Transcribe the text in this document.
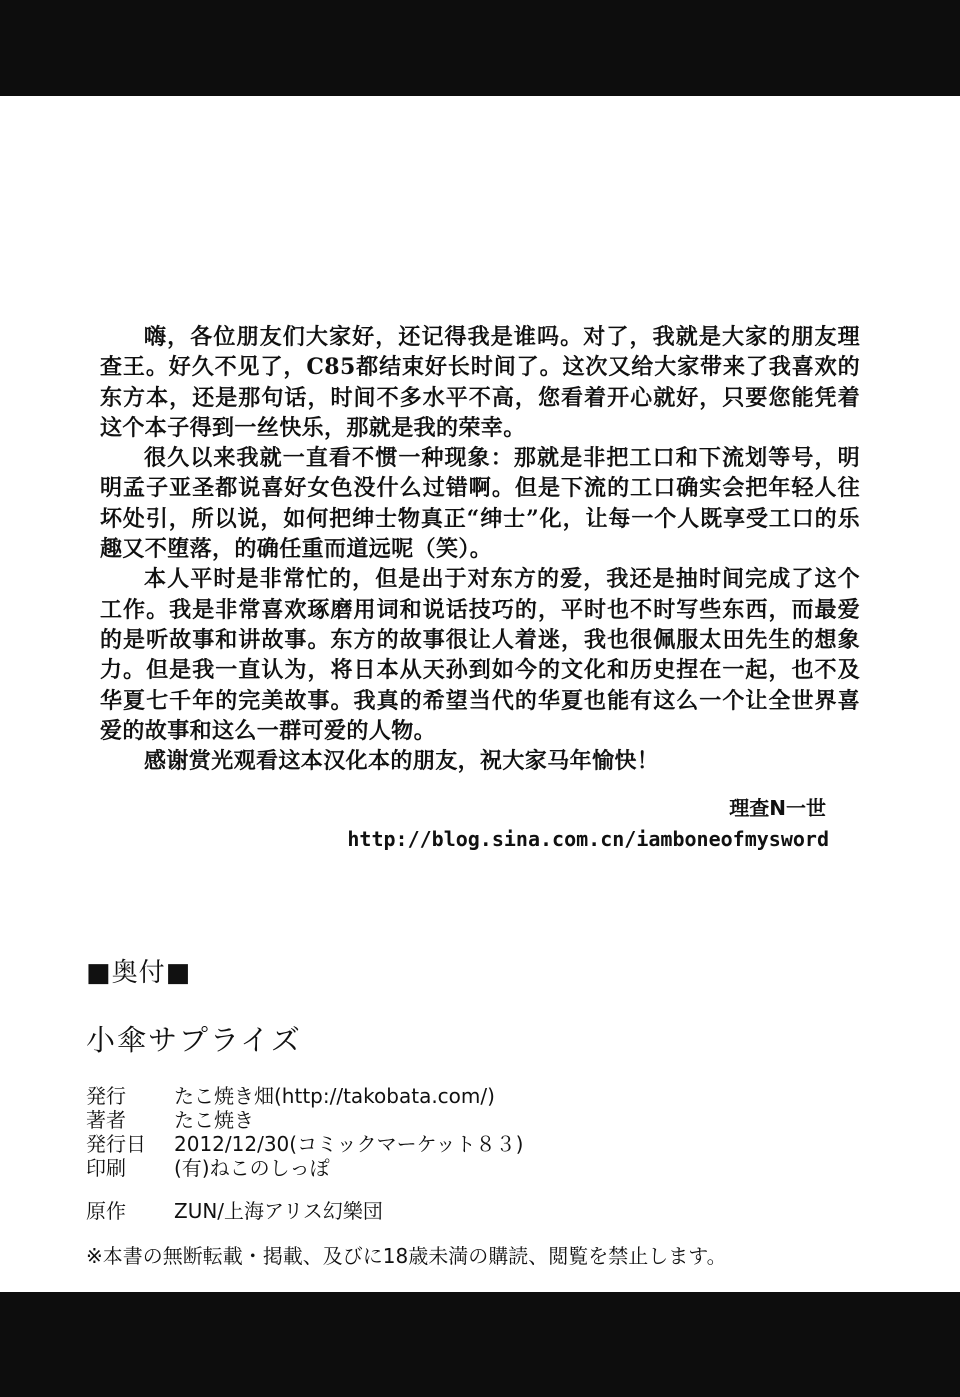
嗨，各位朋友们大家好，还记得我是谁吗。对了，我就是大家的朋友理查王。好久不见了，C85都结束好长时间了。这次又给大家带来了我喜欢的东方本，还是那句话，时间不多水平不高，您看着开心就好，只要您能凭着这个本子得到一丝快乐，那就是我的荣幸。

很久以来我就一直看不惯一种现象：那就是非把工口和下流划等号，明明孟子亚圣都说喜好女色没什么过错啊。但是下流的工口确实会把年轻人往坏处引，所以说，如何把绅士物真正“绅士”化，让每一个人既享受工口的乐趣又不堕落，的确任重而道远呢（笑）。

本人平时是非常忙的，但是出于对东方的爱，我还是抽时间完成了这个工作。我是非常喜欢琢磨用词和说话技巧的，平时也不时写些东西，而最爱的是听故事和讲故事。东方的故事很让人着迷，我也很佩服太田先生的想象力。但是我一直认为，将日本从天孙到如今的文化和历史捏在一起，也不及华夏七千年的完美故事。我真的希望当代的华夏也能有这么一个让全世界喜爱的故事和这么一群可爱的人物。

感谢赏光观看这本汉化本的朋友，祝大家马年愉快！

理查N一世
http://blog.sina.com.cn/iamboneofmysword
■奥付■
小傘サプライズ
発行	たこ焼き畑(http://takobata.com/)
著者	たこ焼き
発行日	2012/12/30(コミックマーケット８３)
印刷	(有)ねこのしっぽ
原作	ZUN/上海アリス幻樂団
※本書の無断転載・掲載、及びに18歳未満の購読、閲覧を禁止します。
